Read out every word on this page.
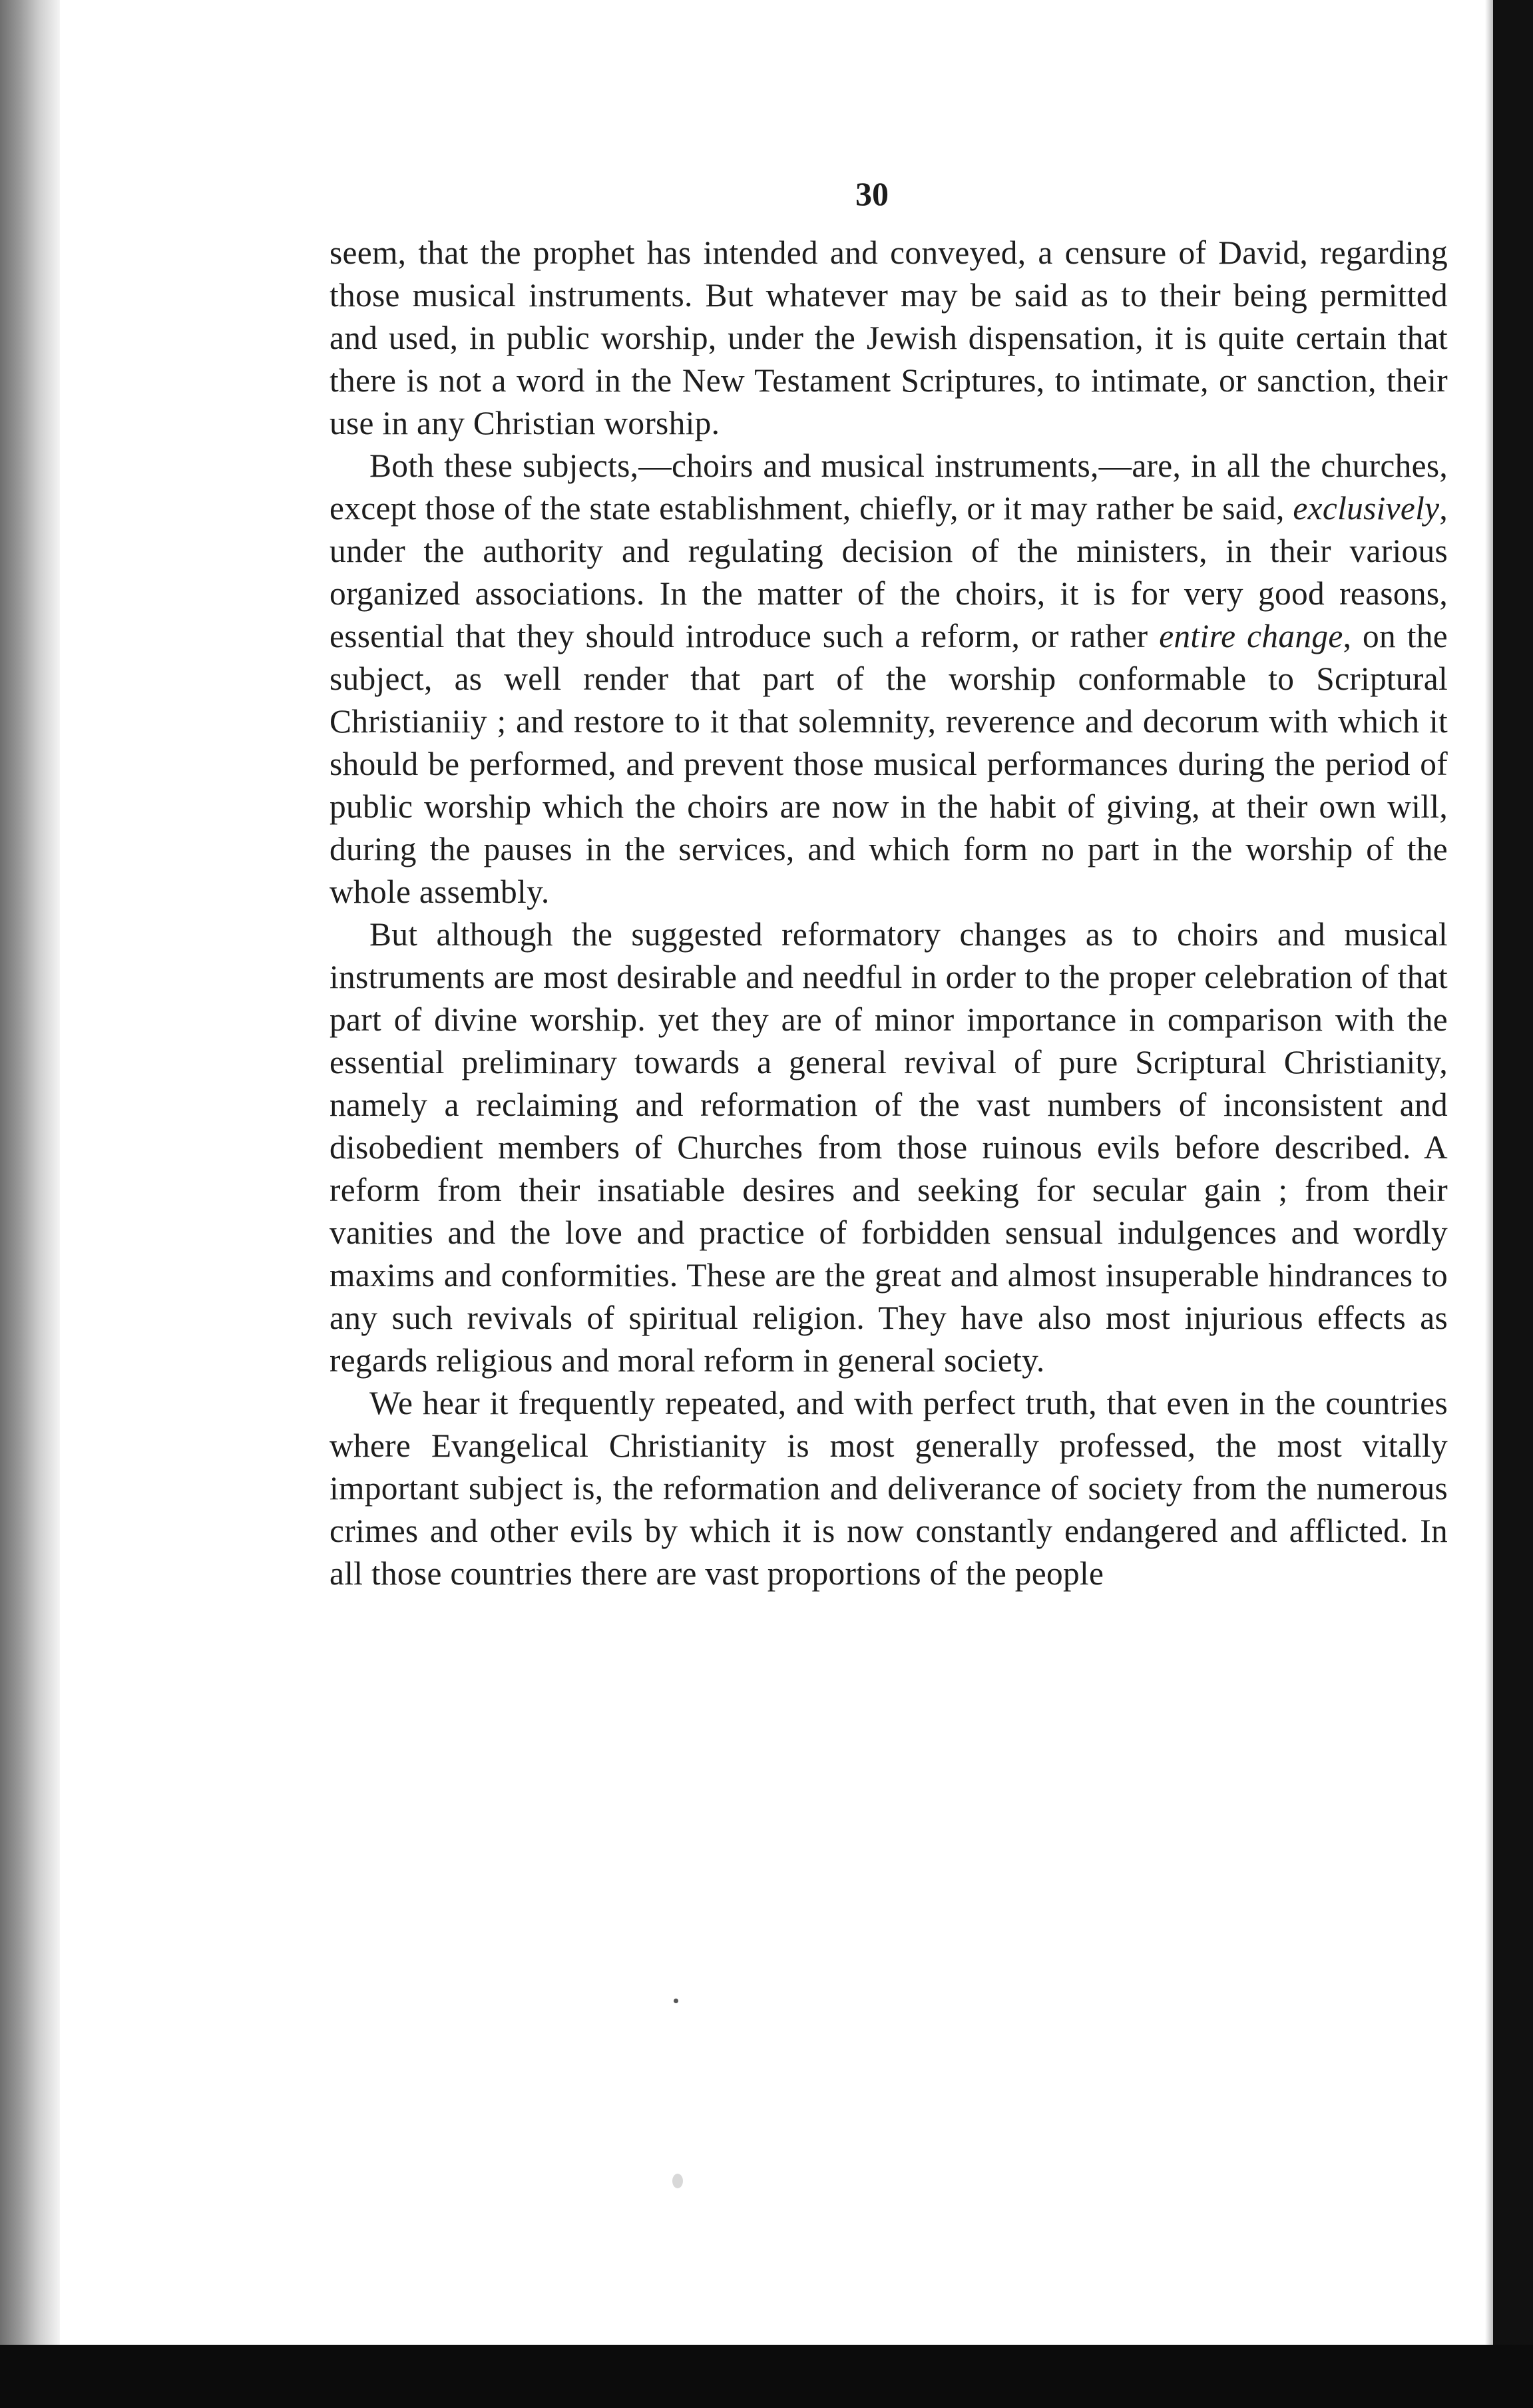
30

seem, that the prophet has intended and conveyed, a censure of David, regarding those musical instruments. But whatever may be said as to their being permitted and used, in public worship, under the Jewish dispensation, it is quite certain that there is not a word in the New Testament Scriptures, to intimate, or sanction, their use in any Christian worship.

Both these subjects,—choirs and musical instruments,—are, in all the churches, except those of the state establishment, chiefly, or it may rather be said, exclusively, under the authority and regulating decision of the ministers, in their various organized associations. In the matter of the choirs, it is for very good reasons, essential that they should introduce such a reform, or rather entire change, on the subject, as well render that part of the worship conformable to Scriptural Christianiiy ; and restore to it that solemnity, reverence and decorum with which it should be performed, and prevent those musical performances during the period of public worship which the choirs are now in the habit of giving, at their own will, during the pauses in the services, and which form no part in the worship of the whole assembly.

But although the suggested reformatory changes as to choirs and musical instruments are most desirable and needful in order to the proper celebration of that part of divine worship. yet they are of minor importance in comparison with the essential preliminary towards a general revival of pure Scriptural Christianity, namely a reclaiming and reformation of the vast numbers of inconsistent and disobedient members of Churches from those ruinous evils before described. A reform from their insatiable desires and seeking for secular gain ; from their vanities and the love and practice of forbidden sensual indulgences and wordly maxims and conformities. These are the great and almost insuperable hindrances to any such revivals of spiritual religion. They have also most injurious effects as regards religious and moral reform in general society.

We hear it frequently repeated, and with perfect truth, that even in the countries where Evangelical Christianity is most generally professed, the most vitally important subject is, the reformation and deliverance of society from the numerous crimes and other evils by which it is now constantly endangered and afflicted. In all those countries there are vast proportions of the people
